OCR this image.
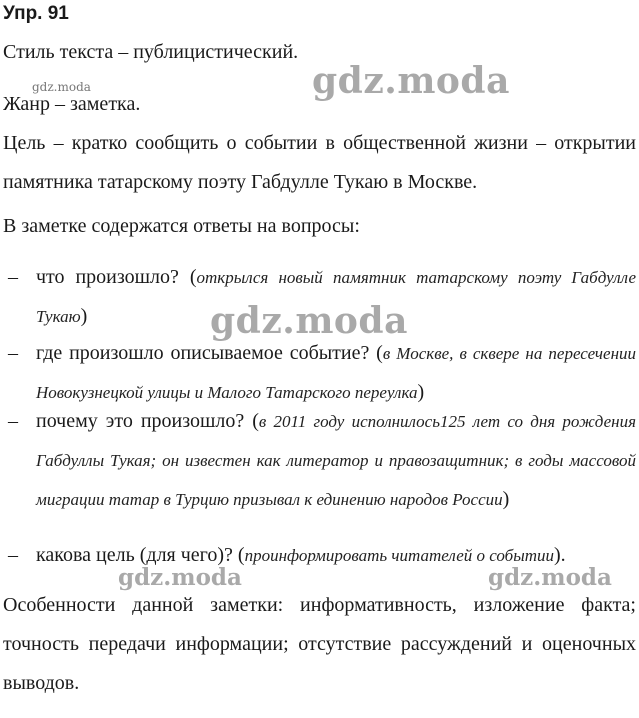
Упр. 91
Стиль текста – публицистический.
Жанр – заметка.
Цель – кратко сообщить о событии в общественной жизни – открытии памятника татарскому поэту Габдулле Тукаю в Москве.
В заметке содержатся ответы на вопросы:
– что произошло? (открылся новый памятник татарскому поэту Габдулле Тукаю)
– где произошло описываемое событие? (в Москве, в сквере на пересечении Новокузнецкой улицы и Малого Татарского переулка)
– почему это произошло? (в 2011 году исполнилось125 лет со дня рождения Габдуллы Тукая; он известен как литератор и правозащитник; в годы массовой миграции татар в Турцию призывал к единению народов России)
– какова цель (для чего)? (проинформировать читателей о событии).
Особенности данной заметки: информативность, изложение факта; точность передачи информации; отсутствие рассуждений и оценочных выводов.
gdz.moda	gdz.moda
gdz.moda
gdz.moda	gdz.moda
